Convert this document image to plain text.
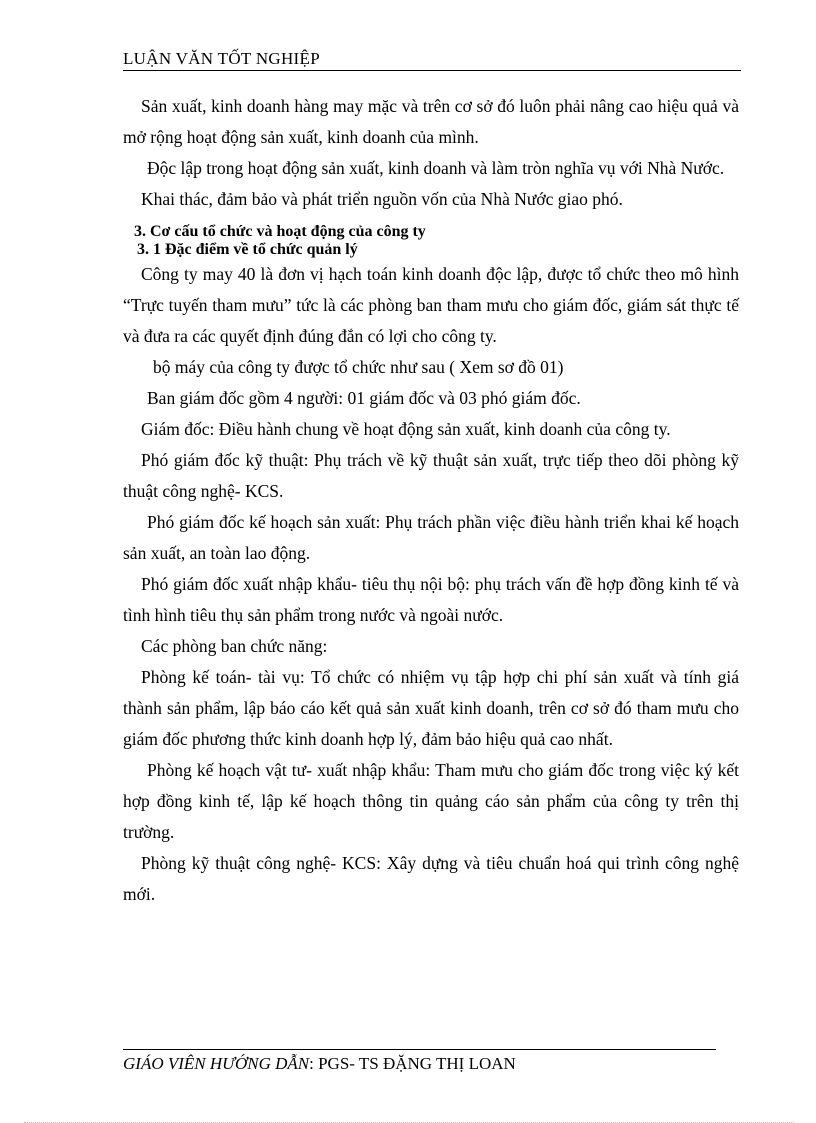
LUẬN VĂN TỐT NGHIỆP

Sản xuất, kinh doanh hàng may mặc và trên cơ sở đó luôn phải nâng cao hiệu quả và mở rộng hoạt động sản xuất, kinh doanh của mình.

Độc lập trong hoạt động sản xuất, kinh doanh và làm tròn nghĩa vụ với Nhà Nước.

Khai thác, đảm bảo và phát triển nguồn vốn của Nhà Nước giao phó.

3. Cơ cấu tổ chức và hoạt động của công ty

3. 1 Đặc điểm về tổ chức quản lý

Công ty may 40 là đơn vị hạch toán kinh doanh độc lập, được tổ chức theo mô hình “Trực tuyến tham mưu” tức là các phòng ban tham mưu cho giám đốc, giám sát thực tế và đưa ra các quyết định đúng đắn có lợi cho công ty.

bộ máy của công ty được tổ chức như sau ( Xem sơ đồ 01)

Ban giám đốc gồm 4 người: 01 giám đốc và 03 phó giám đốc.

Giám đốc: Điều hành chung về hoạt động sản xuất, kinh doanh của công ty.

Phó giám đốc kỹ thuật: Phụ trách về kỹ thuật sản xuất, trực tiếp theo dõi phòng kỹ thuật công nghệ- KCS.

Phó giám đốc kế hoạch sản xuất: Phụ trách phần việc điều hành triển khai kế hoạch sản xuất, an toàn lao động.

Phó giám đốc xuất nhập khẩu- tiêu thụ nội bộ: phụ trách vấn đề hợp đồng kinh tế và tình hình tiêu thụ sản phẩm trong nước và ngoài nước.

Các phòng ban chức năng:

Phòng kế toán- tài vụ: Tổ chức có nhiệm vụ tập hợp chi phí sản xuất và tính giá thành sản phẩm, lập báo cáo kết quả sản xuất kinh doanh, trên cơ sở đó tham mưu cho giám đốc phương thức kinh doanh hợp lý, đảm bảo hiệu quả cao nhất.

Phòng kế hoạch vật tư- xuất nhập khẩu: Tham mưu cho giám đốc trong việc ký kết hợp đồng kinh tế, lập kế hoạch thông tin quảng cáo sản phẩm của công ty trên thị trường.

Phòng kỹ thuật công nghệ- KCS: Xây dựng và tiêu chuẩn hoá qui trình công nghệ mới.

GIÁO VIÊN HƯỚNG DẪN: PGS- TS ĐẶNG THỊ LOAN
